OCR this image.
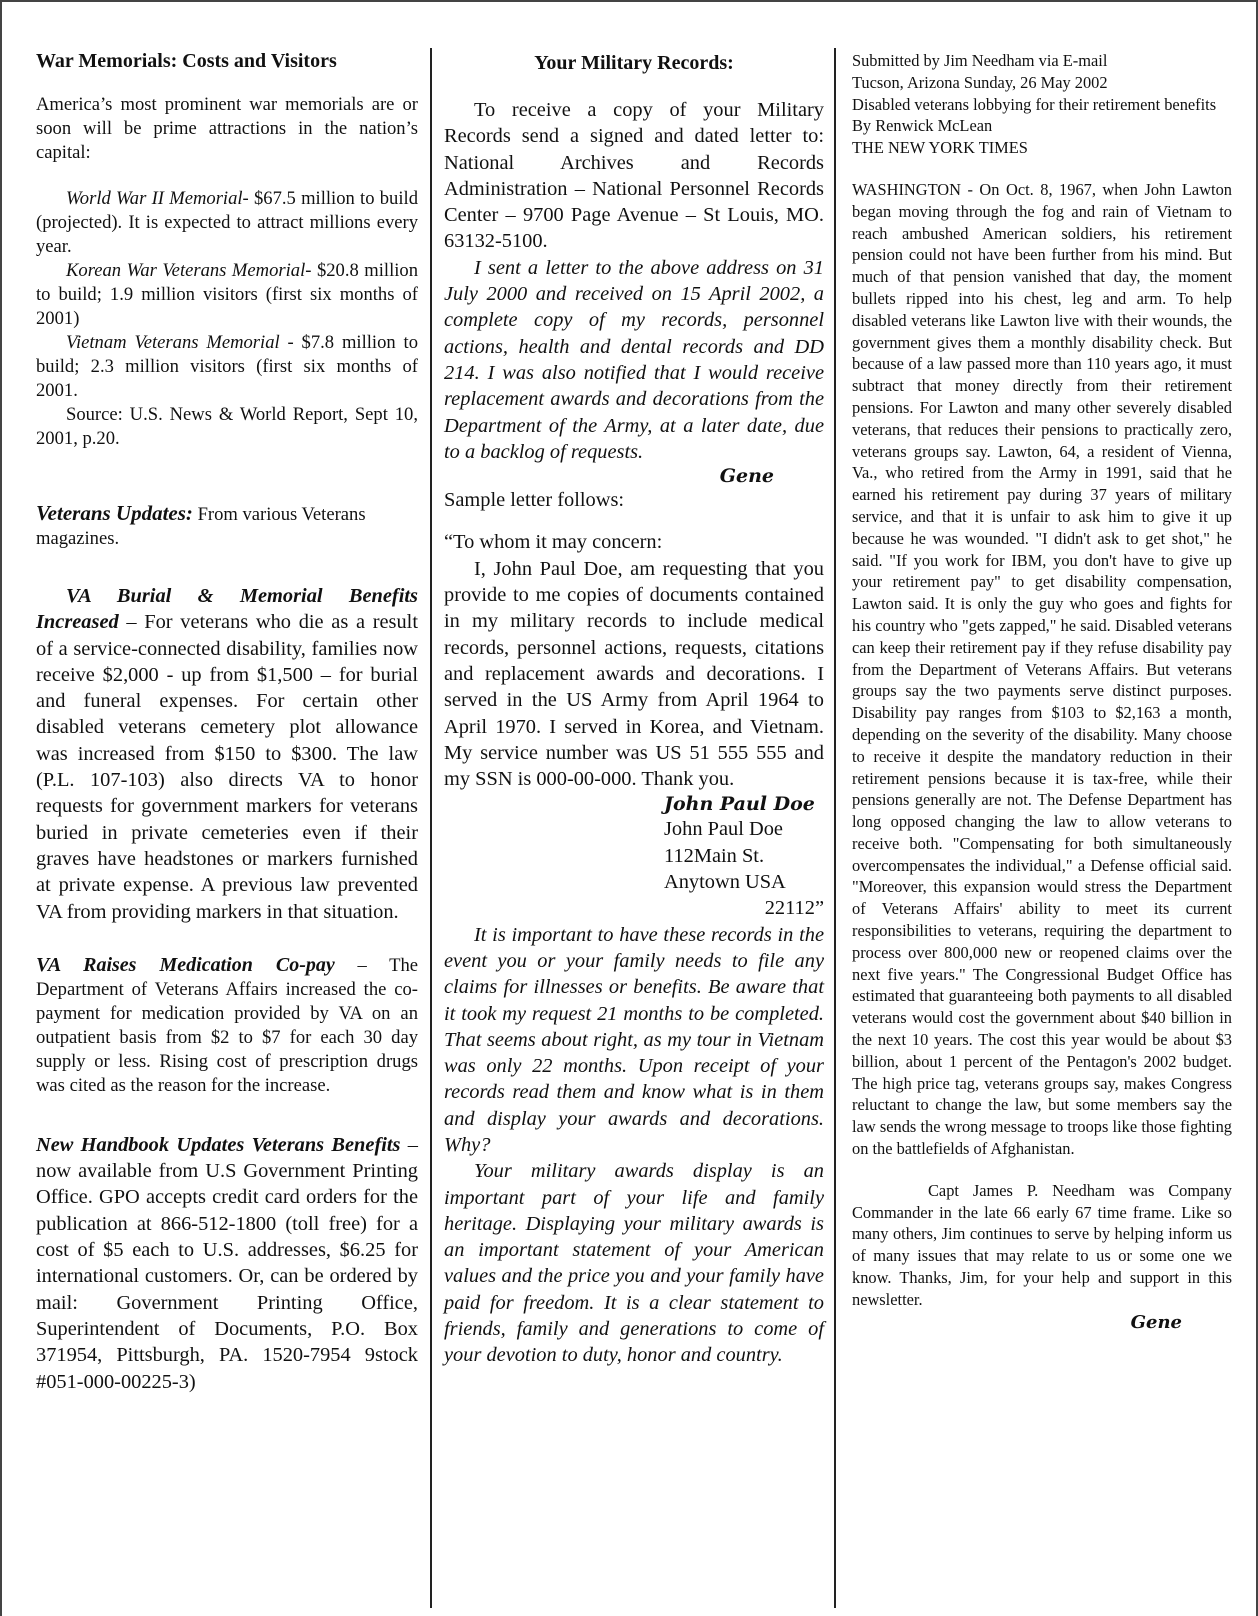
War Memorials: Costs and Visitors

America’s most prominent war memorials are or soon will be prime attractions in the nation’s capital:

World War II Memorial- $67.5 million to build (projected). It is expected to attract millions every year.

Korean War Veterans Memorial- $20.8 million to build; 1.9 million visitors (first six months of 2001)

Vietnam Veterans Memorial - $7.8 million to build; 2.3 million visitors (first six months of 2001.

Source: U.S. News & World Report, Sept 10, 2001, p.20.

Veterans Updates: From various Veterans magazines.

VA Burial & Memorial Benefits Increased – For veterans who die as a result of a service-connected disability, families now receive $2,000 - up from $1,500 – for burial and funeral expenses. For certain other disabled veterans cemetery plot allowance was increased from $150 to $300. The law (P.L. 107-103) also directs VA to honor requests for government markers for veterans buried in private cemeteries even if their graves have headstones or markers furnished at private expense. A previous law prevented VA from providing markers in that situation.

VA Raises Medication Co-pay – The Department of Veterans Affairs increased the co-payment for medication provided by VA on an outpatient basis from $2 to $7 for each 30 day supply or less. Rising cost of prescription drugs was cited as the reason for the increase.

New Handbook Updates Veterans Benefits – now available from U.S Government Printing Office. GPO accepts credit card orders for the publication at 866-512-1800 (toll free) for a cost of $5 each to U.S. addresses, $6.25 for international customers. Or, can be ordered by mail: Government Printing Office, Superintendent of Documents, P.O. Box 371954, Pittsburgh, PA. 1520-7954 9stock #051-000-00225-3)

Your Military Records:

To receive a copy of your Military Records send a signed and dated letter to: National Archives and Records Administration – National Personnel Records Center – 9700 Page Avenue – St Louis, MO. 63132-5100.

I sent a letter to the above address on 31 July 2000 and received on 15 April 2002, a complete copy of my records, personnel actions, health and dental records and DD 214. I was also notified that I would receive replacement awards and decorations from the Department of the Army, at a later date, due to a backlog of requests.

Gene

Sample letter follows:

“To whom it may concern:

I, John Paul Doe, am requesting that you provide to me copies of documents contained in my military records to include medical records, personnel actions, requests, citations and replacement awards and decorations. I served in the US Army from April 1964 to April 1970. I served in Korea, and Vietnam. My service number was US 51 555 555 and my SSN is 000-00-000. Thank you.

John Paul Doe

John Paul Doe

112Main St.

Anytown USA

22112”

It is important to have these records in the event you or your family needs to file any claims for illnesses or benefits. Be aware that it took my request 21 months to be completed. That seems about right, as my tour in Vietnam was only 22 months. Upon receipt of your records read them and know what is in them and display your awards and decorations. Why?

Your military awards display is an important part of your life and family heritage. Displaying your military awards is an important statement of your American values and the price you and your family have paid for freedom. It is a clear statement to friends, family and generations to come of your devotion to duty, honor and country.

Submitted by Jim Needham via E-mail

Tucson, Arizona Sunday, 26 May 2002

Disabled veterans lobbying for their retirement benefits

By Renwick McLean

THE NEW YORK TIMES

WASHINGTON - On Oct. 8, 1967, when John Lawton began moving through the fog and rain of Vietnam to reach ambushed American soldiers, his retirement pension could not have been further from his mind. But much of that pension vanished that day, the moment bullets ripped into his chest, leg and arm. To help disabled veterans like Lawton live with their wounds, the government gives them a monthly disability check. But because of a law passed more than 110 years ago, it must subtract that money directly from their retirement pensions. For Lawton and many other severely disabled veterans, that reduces their pensions to practically zero, veterans groups say. Lawton, 64, a resident of Vienna, Va., who retired from the Army in 1991, said that he earned his retirement pay during 37 years of military service, and that it is unfair to ask him to give it up because he was wounded. "I didn't ask to get shot," he said. "If you work for IBM, you don't have to give up your retirement pay" to get disability compensation, Lawton said. It is only the guy who goes and fights for his country who "gets zapped," he said. Disabled veterans can keep their retirement pay if they refuse disability pay from the Department of Veterans Affairs. But veterans groups say the two payments serve distinct purposes. Disability pay ranges from $103 to $2,163 a month, depending on the severity of the disability. Many choose to receive it despite the mandatory reduction in their retirement pensions because it is tax-free, while their pensions generally are not. The Defense Department has long opposed changing the law to allow veterans to receive both. "Compensating for both simultaneously overcompensates the individual," a Defense official said. "Moreover, this expansion would stress the Department of Veterans Affairs' ability to meet its current responsibilities to veterans, requiring the department to process over 800,000 new or reopened claims over the next five years." The Congressional Budget Office has estimated that guaranteeing both payments to all disabled veterans would cost the government about $40 billion in the next 10 years. The cost this year would be about $3 billion, about 1 percent of the Pentagon's 2002 budget. The high price tag, veterans groups say, makes Congress reluctant to change the law, but some members say the law sends the wrong message to troops like those fighting on the battlefields of Afghanistan.

Capt James P. Needham was Company Commander in the late 66 early 67 time frame. Like so many others, Jim continues to serve by helping inform us of many issues that may relate to us or some one we know. Thanks, Jim, for your help and support in this newsletter.

Gene
